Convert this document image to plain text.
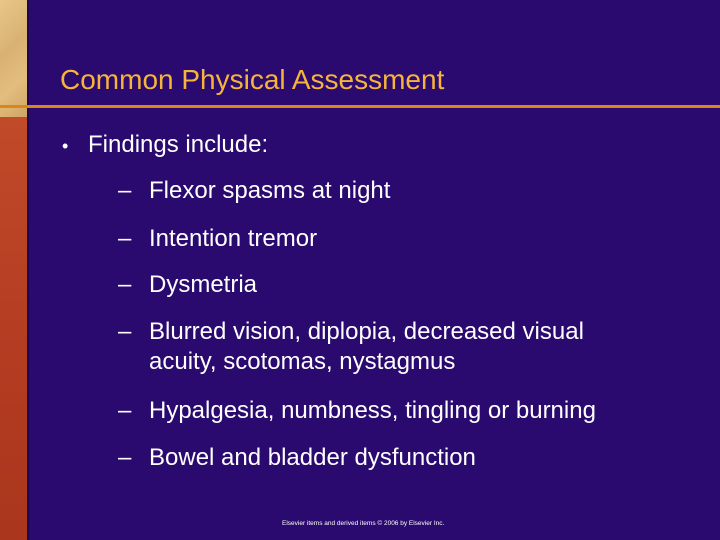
Common Physical Assessment
• Findings include:
– Flexor spasms at night
– Intention tremor
– Dysmetria
– Blurred vision, diplopia, decreased visual acuity, scotomas, nystagmus
– Hypalgesia, numbness, tingling or burning
– Bowel and bladder dysfunction
Elsevier items and derived items © 2006 by Elsevier Inc.
